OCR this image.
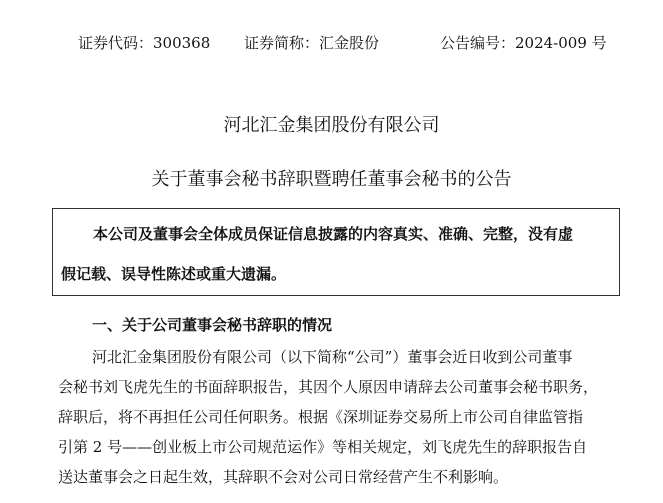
证券代码：300368 证券简称：汇金股份	公告编号：2024-009 号
河北汇金集团股份有限公司
关于董事会秘书辞职暨聘任董事会秘书的公告
本公司及董事会全体成员保证信息披露的内容真实、准确、完整，没有虚
假记载、误导性陈述或重大遗漏。
一、关于公司董事会秘书辞职的情况
河北汇金集团股份有限公司（以下简称“公司”）董事会近日收到公司董事
会秘书刘飞虎先生的书面辞职报告，其因个人原因申请辞去公司董事会秘书职务，
辞职后，将不再担任公司任何职务。根据《深圳证券交易所上市公司自律监管指
引第 2 号——创业板上市公司规范运作》等相关规定，刘飞虎先生的辞职报告自
送达董事会之日起生效，其辞职不会对公司日常经营产生不利影响。
